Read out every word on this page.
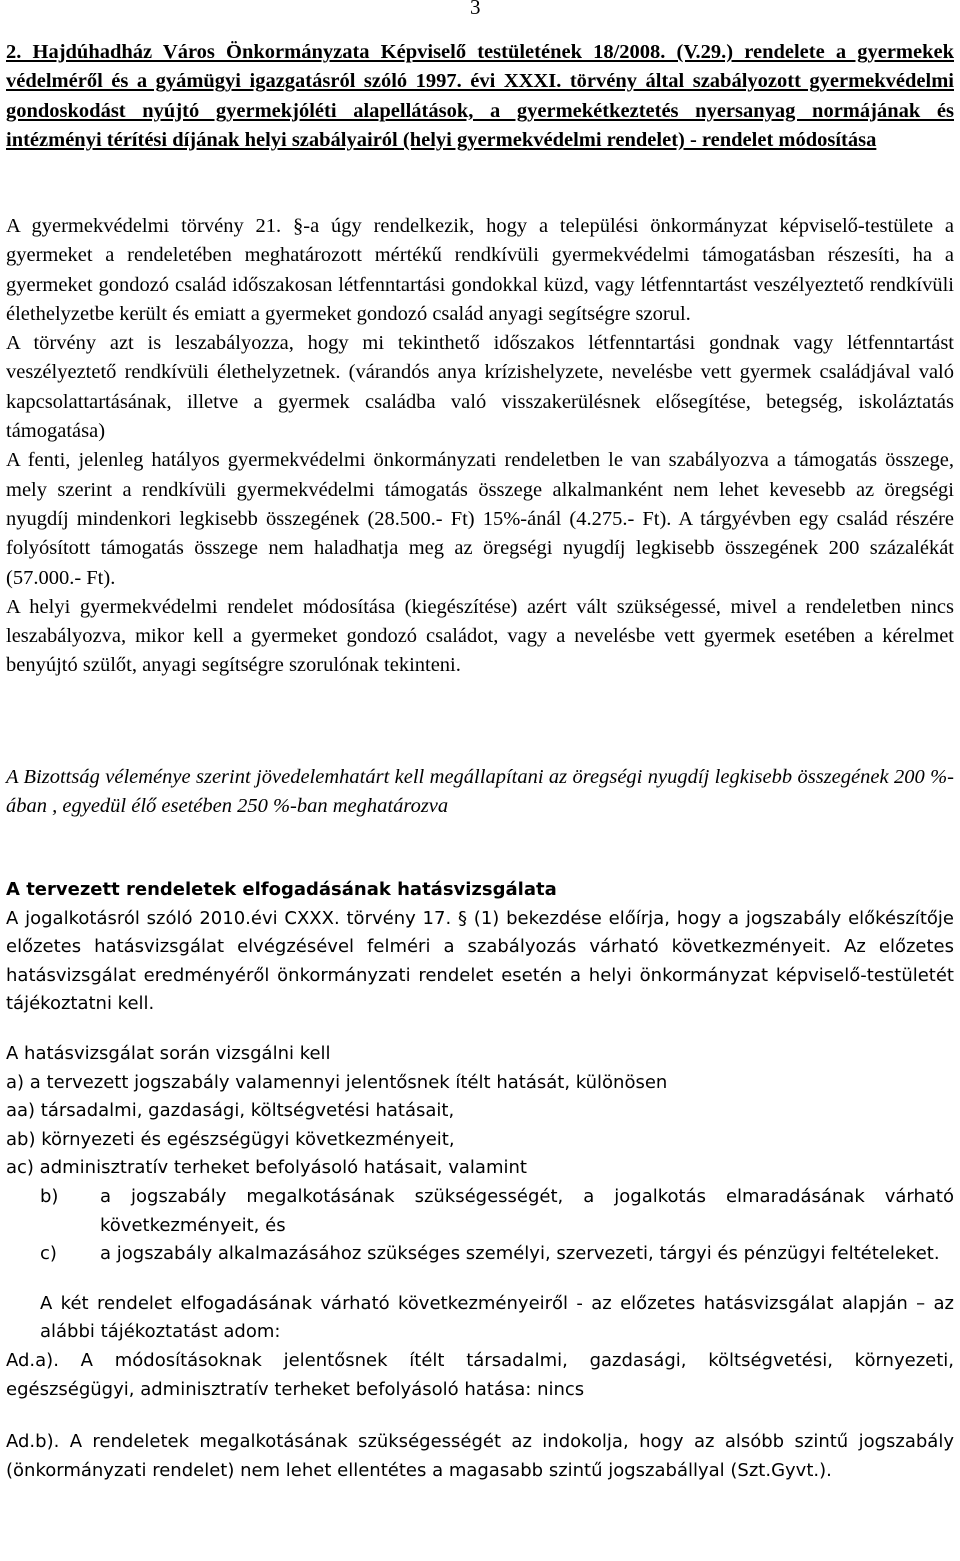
3
2. Hajdúhadház Város Önkormányzata Képviselő testületének 18/2008. (V.29.) rendelete a gyermekek védelméről és a gyámügyi igazgatásról szóló 1997. évi XXXI. törvény által szabályozott gyermekvédelmi gondoskodást nyújtó gyermekjóléti alapellátások, a gyermekétkeztetés nyersanyag normájának és intézményi térítési díjának helyi szabályairól (helyi gyermekvédelmi rendelet) - rendelet módosítása

A gyermekvédelmi törvény 21. §-a úgy rendelkezik, hogy a települési önkormányzat képviselő-testülete a gyermeket a rendeletében meghatározott mértékű rendkívüli gyermekvédelmi támogatásban részesíti, ha a gyermeket gondozó család időszakosan létfenntartási gondokkal küzd, vagy létfenntartást veszélyeztető rendkívüli élethelyzetbe került és emiatt a gyermeket gondozó család anyagi segítségre szorul.

A törvény azt is leszabályozza, hogy mi tekinthető időszakos létfenntartási gondnak vagy létfenntartást veszélyeztető rendkívüli élethelyzetnek. (várandós anya krízishelyzete, nevelésbe vett gyermek családjával való kapcsolattartásának, illetve a gyermek családba való visszakerülésnek elősegítése, betegség, iskoláztatás támogatása)

A fenti, jelenleg hatályos gyermekvédelmi önkormányzati rendeletben le van szabályozva a támogatás összege, mely szerint a rendkívüli gyermekvédelmi támogatás összege alkalmanként nem lehet kevesebb az öregségi nyugdíj mindenkori legkisebb összegének (28.500.- Ft) 15%-ánál (4.275.- Ft). A tárgyévben egy család részére folyósított támogatás összege nem haladhatja meg az öregségi nyugdíj legkisebb összegének 200 százalékát (57.000.- Ft).

A helyi gyermekvédelmi rendelet módosítása (kiegészítése) azért vált szükségessé, mivel a rendeletben nincs leszabályozva, mikor kell a gyermeket gondozó családot, vagy a nevelésbe vett gyermek esetében a kérelmet benyújtó szülőt, anyagi segítségre szorulónak tekinteni.

A Bizottság véleménye szerint jövedelemhatárt kell megállapítani az öregségi nyugdíj legkisebb összegének 200 %-ában , egyedül élő esetében 250 %-ban meghatározva

A tervezett rendeletek elfogadásának hatásvizsgálata

A jogalkotásról szóló 2010.évi CXXX. törvény 17. § (1) bekezdése előírja, hogy a jogszabály előkészítője előzetes hatásvizsgálat elvégzésével felméri a szabályozás várható következményeit. Az előzetes hatásvizsgálat eredményéről önkormányzati rendelet esetén a helyi önkormányzat képviselő-testületét tájékoztatni kell.

A hatásvizsgálat során vizsgálni kell

a) a tervezett jogszabály valamennyi jelentősnek ítélt hatását, különösen

aa) társadalmi, gazdasági, költségvetési hatásait,

ab) környezeti és egészségügyi következményeit,

ac) adminisztratív terheket befolyásoló hatásait, valamint

b)	a jogszabály megalkotásának szükségességét, a jogalkotás elmaradásának várható következményeit, és
c)	a jogszabály alkalmazásához szükséges személyi, szervezeti, tárgyi és pénzügyi feltételeket.

A két rendelet elfogadásának várható következményeiről - az előzetes hatásvizsgálat alapján – az alábbi tájékoztatást adom:

Ad.a). A módosításoknak jelentősnek ítélt társadalmi, gazdasági, költségvetési, környezeti, egészségügyi, adminisztratív terheket befolyásoló hatása: nincs

Ad.b). A rendeletek megalkotásának szükségességét az indokolja, hogy az alsóbb szintű jogszabály (önkormányzati rendelet) nem lehet ellentétes a magasabb szintű jogszabállyal (Szt.Gyvt.).
